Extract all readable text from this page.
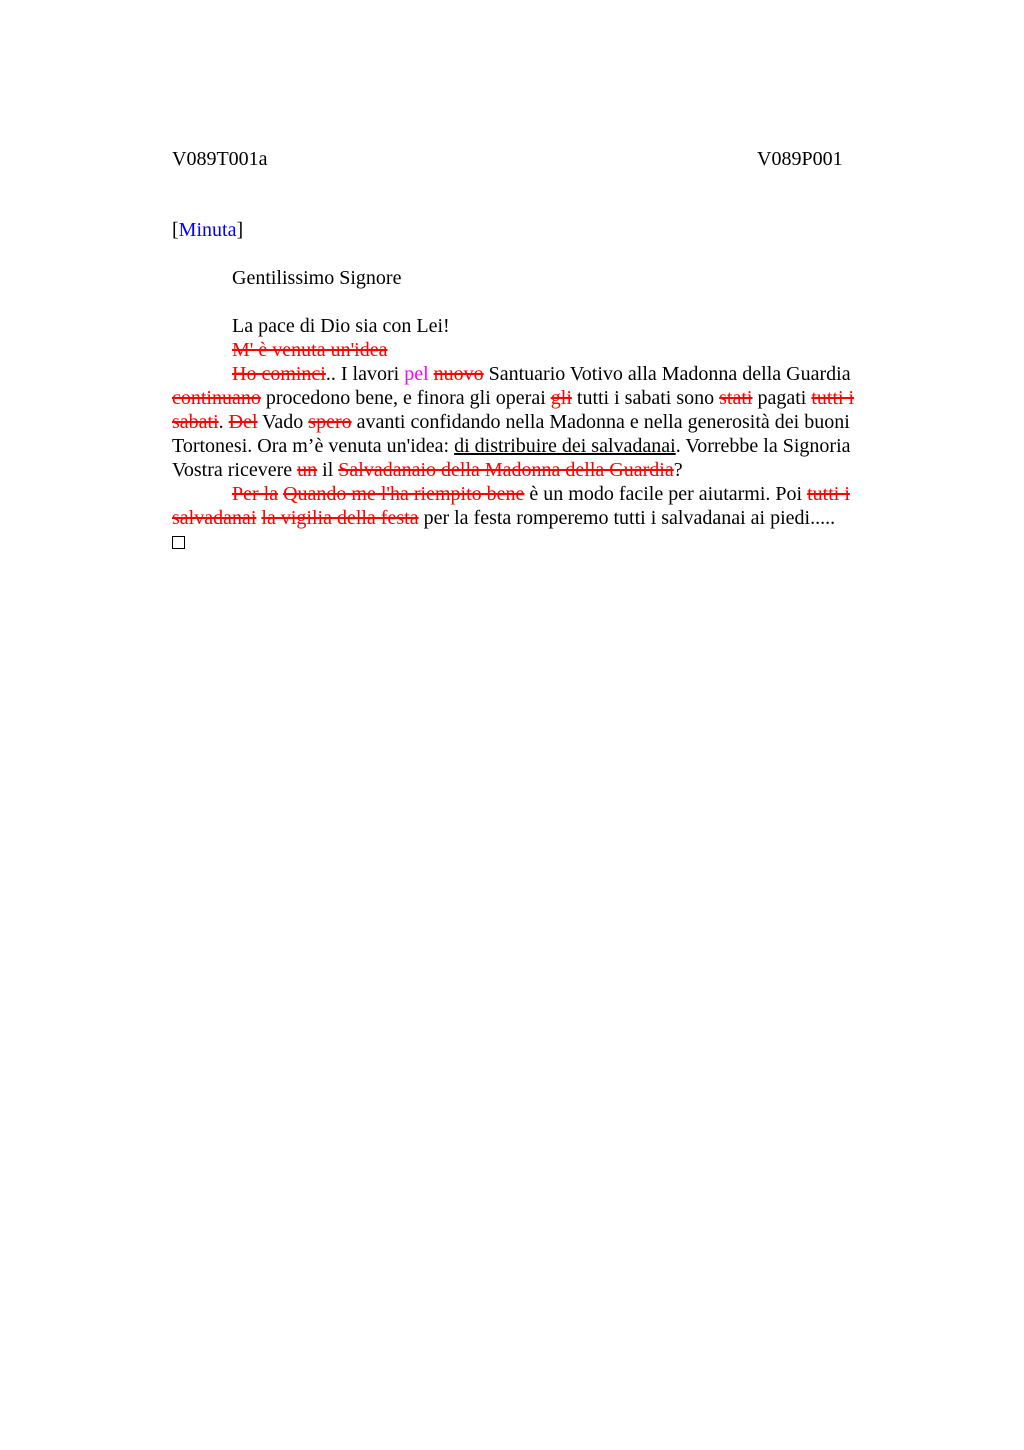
V089T001a	V089P001
[Minuta]
Gentilissimo Signore
La pace di Dio sia con Lei!
M' è venuta un'idea
Ho cominci.. I lavori pel nuovo Santuario Votivo alla Madonna della Guardia
continuano procedono bene, e finora gli operai gli tutti i sabati sono stati pagati tutti i
sabati. Del Vado spero avanti confidando nella Madonna e nella generosità dei buoni
Tortonesi. Ora m’è venuta un'idea: di distribuire dei salvadanai. Vorrebbe la Signoria
Vostra ricevere un il Salvadanaio della Madonna della Guardia?
Per la Quando me l'ha riempito bene è un modo facile per aiutarmi. Poi tutti i
salvadanai la vigilia della festa per la festa romperemo tutti i salvadanai ai piedi.....
